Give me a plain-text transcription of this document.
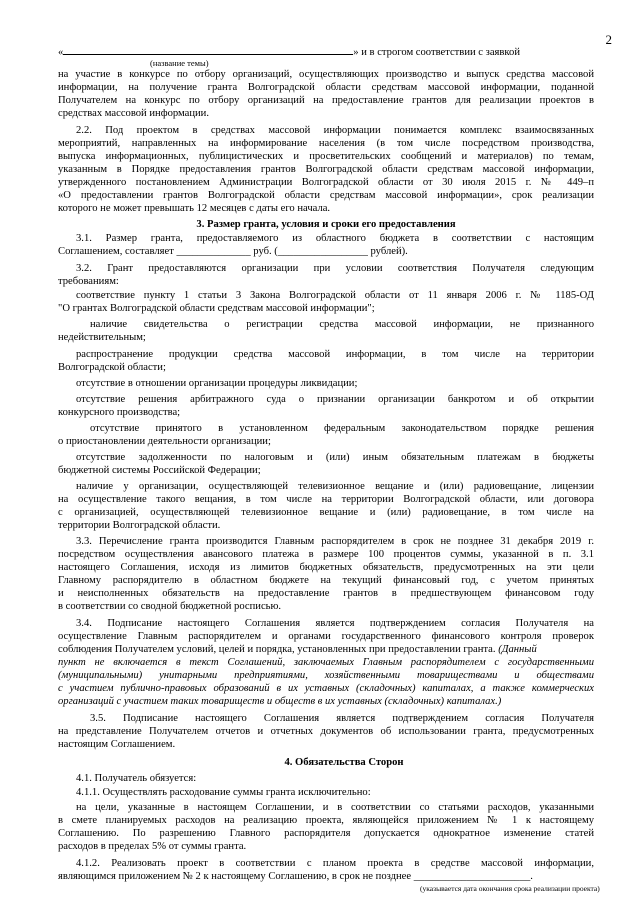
2
«	» и в строгом соответствии с заявкой
(название темы)
на участие в конкурсе по отбору организаций, осуществляющих производство и выпуск средства массовой
информации, на получение гранта Волгоградской области средствам массовой информации, поданной
Получателем на конкурс по отбору организаций на предоставление грантов для реализации проектов в
средствах массовой информации.
2.2. Под проектом в средствах массовой информации понимается комплекс взаимосвязанных
мероприятий, направленных на информирование населения (в том числе посредством производства,
выпуска информационных, публицистических и просветительских сообщений и материалов) по темам,
указанным в Порядке предоставления грантов Волгоградской области средствам массовой информации,
утвержденного постановлением Администрации Волгоградской области от 30 июля 2015 г. № 449–п
«О предоставлении грантов Волгоградской области средствам массовой информации», срок реализации
которого не может превышать 12 месяцев с даты его начала.
3. Размер гранта, условия и сроки его предоставления
3.1. Размер гранта, предоставляемого из областного бюджета в соответствии с настоящим
Соглашением, составляет ______________ руб. (_________________ рублей).
3.2. Грант предоставляются организации при условии соответствия Получателя следующим
требованиям:
соответствие пункту 1 статьи 3 Закона Волгоградской области от 11 января 2006 г. № 1185-ОД
"О грантах Волгоградской области средствам массовой информации";
наличие свидетельства о регистрации средства массовой информации, не признанного
недействительным;
распространение продукции средства массовой информации, в том числе на территории
Волгоградской области;
отсутствие в отношении организации процедуры ликвидации;
отсутствие решения арбитражного суда о признании организации банкротом и об открытии
конкурсного производства;
отсутствие принятого в установленном федеральным законодательством порядке решения
о приостановлении деятельности организации;
отсутствие задолженности по налоговым и (или) иным обязательным платежам в бюджеты
бюджетной системы Российской Федерации;
наличие у организации, осуществляющей телевизионное вещание и (или) радиовещание, лицензии
на осуществление такого вещания, в том числе на территории Волгоградской области, или договора
с организацией, осуществляющей телевизионное вещание и (или) радиовещание, в том числе на
территории Волгоградской области.
3.3. Перечисление гранта производится Главным распорядителем в срок не позднее 31 декабря 2019 г.
посредством осуществления авансового платежа в размере 100 процентов суммы, указанной в п. 3.1
настоящего Соглашения, исходя из лимитов бюджетных обязательств, предусмотренных на эти цели
Главному распорядителю в областном бюджете на текущий финансовый год, с учетом принятых
и неисполненных обязательств на предоставление грантов в предшествующем финансовом году
в соответствии со сводной бюджетной росписью.
3.4. Подписание настоящего Соглашения является подтверждением согласия Получателя на
осуществление Главным распорядителем и органами государственного финансового контроля проверок
соблюдения Получателем условий, целей и порядка, установленных при предоставлении гранта. (Данный
пункт не включается в текст Соглашений, заключаемых Главным распорядителем с государственными
(муниципальными) унитарными предприятиями, хозяйственными товариществами и обществами
с участием публично-правовых образований в их уставных (складочных) капиталах, а также коммерческих
организаций с участием таких товариществ и обществ в их уставных (складочных) капиталах.)
3.5. Подписание настоящего Соглашения является подтверждением согласия Получателя
на представление Получателем отчетов и отчетных документов об использовании гранта, предусмотренных
настоящим Соглашением.
4. Обязательства Сторон
4.1. Получатель обязуется:
4.1.1. Осуществлять расходование суммы гранта исключительно:
на цели, указанные в настоящем Соглашении, и в соответствии со статьями расходов, указанными
в смете планируемых расходов на реализацию проекта, являющейся приложением № 1 к настоящему
Соглашению. По разрешению Главного распорядителя допускается однократное изменение статей
расходов в пределах 5% от суммы гранта.
4.1.2. Реализовать проект в соответствии с планом проекта в средстве массовой информации,
являющимся приложением № 2 к настоящему Соглашению, в срок не позднее ______________________.
(указывается дата окончания срока реализации проекта)
